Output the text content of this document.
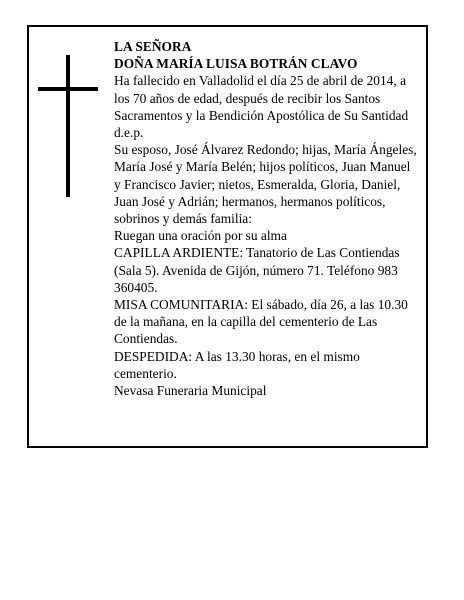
LA SEÑORA
DOÑA MARÍA LUISA BOTRÁN CLAVO

Ha fallecido en Valladolid el día 25 de abril de 2014, a los 70 años de edad, después de recibir los Santos Sacramentos y la Bendición Apostólica de Su Santidad d.e.p.

Su esposo, José Álvarez Redondo; hijas, María Ángeles, María José y María Belén; hijos políticos, Juan Manuel y Francisco Javier; nietos, Esmeralda, Gloria, Daniel, Juan José y Adrián; hermanos, hermanos políticos, sobrinos y demás familia:

Ruegan una oración por su alma

CAPILLA ARDIENTE: Tanatorio de Las Contiendas (Sala 5). Avenida de Gijón, número 71. Teléfono 983 360405.

MISA COMUNITARIA: El sábado, día 26, a las 10.30 de la mañana, en la capilla del cementerio de Las Contiendas.

DESPEDIDA: A las 13.30 horas, en el mismo cementerio.

Nevasa Funeraria Municipal
